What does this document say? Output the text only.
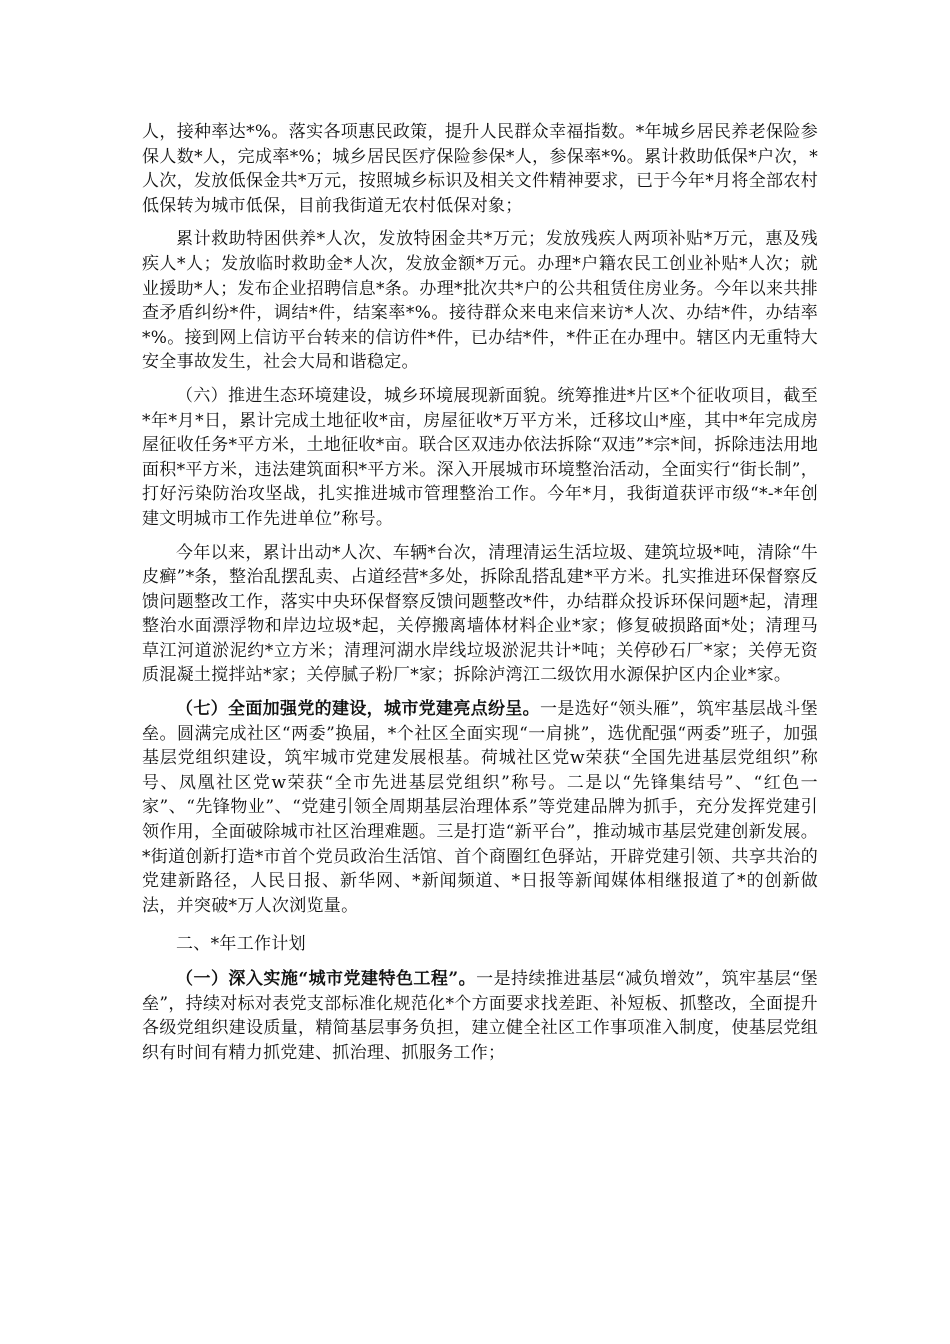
人，接种率达*%。落实各项惠民政策，提升人民群众幸福指数。*年城乡居民养老保险参保人数*人，完成率*%；城乡居民医疗保险参保*人，参保率*%。累计救助低保*户次，*人次，发放低保金共*万元，按照城乡标识及相关文件精神要求，已于今年*月将全部农村低保转为城市低保，目前我街道无农村低保对象；

累计救助特困供养*人次，发放特困金共*万元；发放残疾人两项补贴*万元，惠及残疾人*人；发放临时救助金*人次，发放金额*万元。办理*户籍农民工创业补贴*人次；就业援助*人；发布企业招聘信息*条。办理*批次共*户的公共租赁住房业务。今年以来共排查矛盾纠纷*件，调结*件，结案率*%。接待群众来电来信来访*人次、办结*件，办结率*%。接到网上信访平台转来的信访件*件，已办结*件，*件正在办理中。辖区内无重特大安全事故发生，社会大局和谐稳定。

（六）推进生态环境建设，城乡环境展现新面貌。统筹推进*片区*个征收项目，截至*年*月*日，累计完成土地征收*亩，房屋征收*万平方米，迁移坟山*座，其中*年完成房屋征收任务*平方米，土地征收*亩。联合区双违办依法拆除“双违”*宗*间，拆除违法用地面积*平方米，违法建筑面积*平方米。深入开展城市环境整治活动，全面实行“街长制”，打好污染防治攻坚战，扎实推进城市管理整治工作。今年*月，我街道获评市级“*-*年创建文明城市工作先进单位”称号。

今年以来，累计出动*人次、车辆*台次，清理清运生活垃圾、建筑垃圾*吨，清除“牛皮癣”*条，整治乱摆乱卖、占道经营*多处，拆除乱搭乱建*平方米。扎实推进环保督察反馈问题整改工作，落实中央环保督察反馈问题整改*件，办结群众投诉环保问题*起，清理整治水面漂浮物和岸边垃圾*起，关停搬离墙体材料企业*家；修复破损路面*处；清理马草江河道淤泥约*立方米；清理河湖水岸线垃圾淤泥共计*吨；关停砂石厂*家；关停无资质混凝土搅拌站*家；关停腻子粉厂*家；拆除泸湾江二级饮用水源保护区内企业*家。

（七）全面加强党的建设，城市党建亮点纷呈。一是选好“领头雁”，筑牢基层战斗堡垒。圆满完成社区“两委”换届，*个社区全面实现“一肩挑”，选优配强“两委”班子，加强基层党组织建设，筑牢城市党建发展根基。荷城社区党w荣获“全国先进基层党组织”称号、凤凰社区党w荣获“全市先进基层党组织”称号。二是以“先锋集结号”、“红色一家”、“先锋物业”、“党建引领全周期基层治理体系”等党建品牌为抓手，充分发挥党建引领作用，全面破除城市社区治理难题。三是打造“新平台”，推动城市基层党建创新发展。*街道创新打造*市首个党员政治生活馆、首个商圈红色驿站，开辟党建引领、共享共治的党建新路径，人民日报、新华网、*新闻频道、*日报等新闻媒体相继报道了*的创新做法，并突破*万人次浏览量。

二、*年工作计划

（一）深入实施“城市党建特色工程”。一是持续推进基层“减负增效”，筑牢基层“堡垒”，持续对标对表党支部标准化规范化*个方面要求找差距、补短板、抓整改，全面提升各级党组织建设质量，精简基层事务负担，建立健全社区工作事项准入制度，使基层党组织有时间有精力抓党建、抓治理、抓服务工作；
